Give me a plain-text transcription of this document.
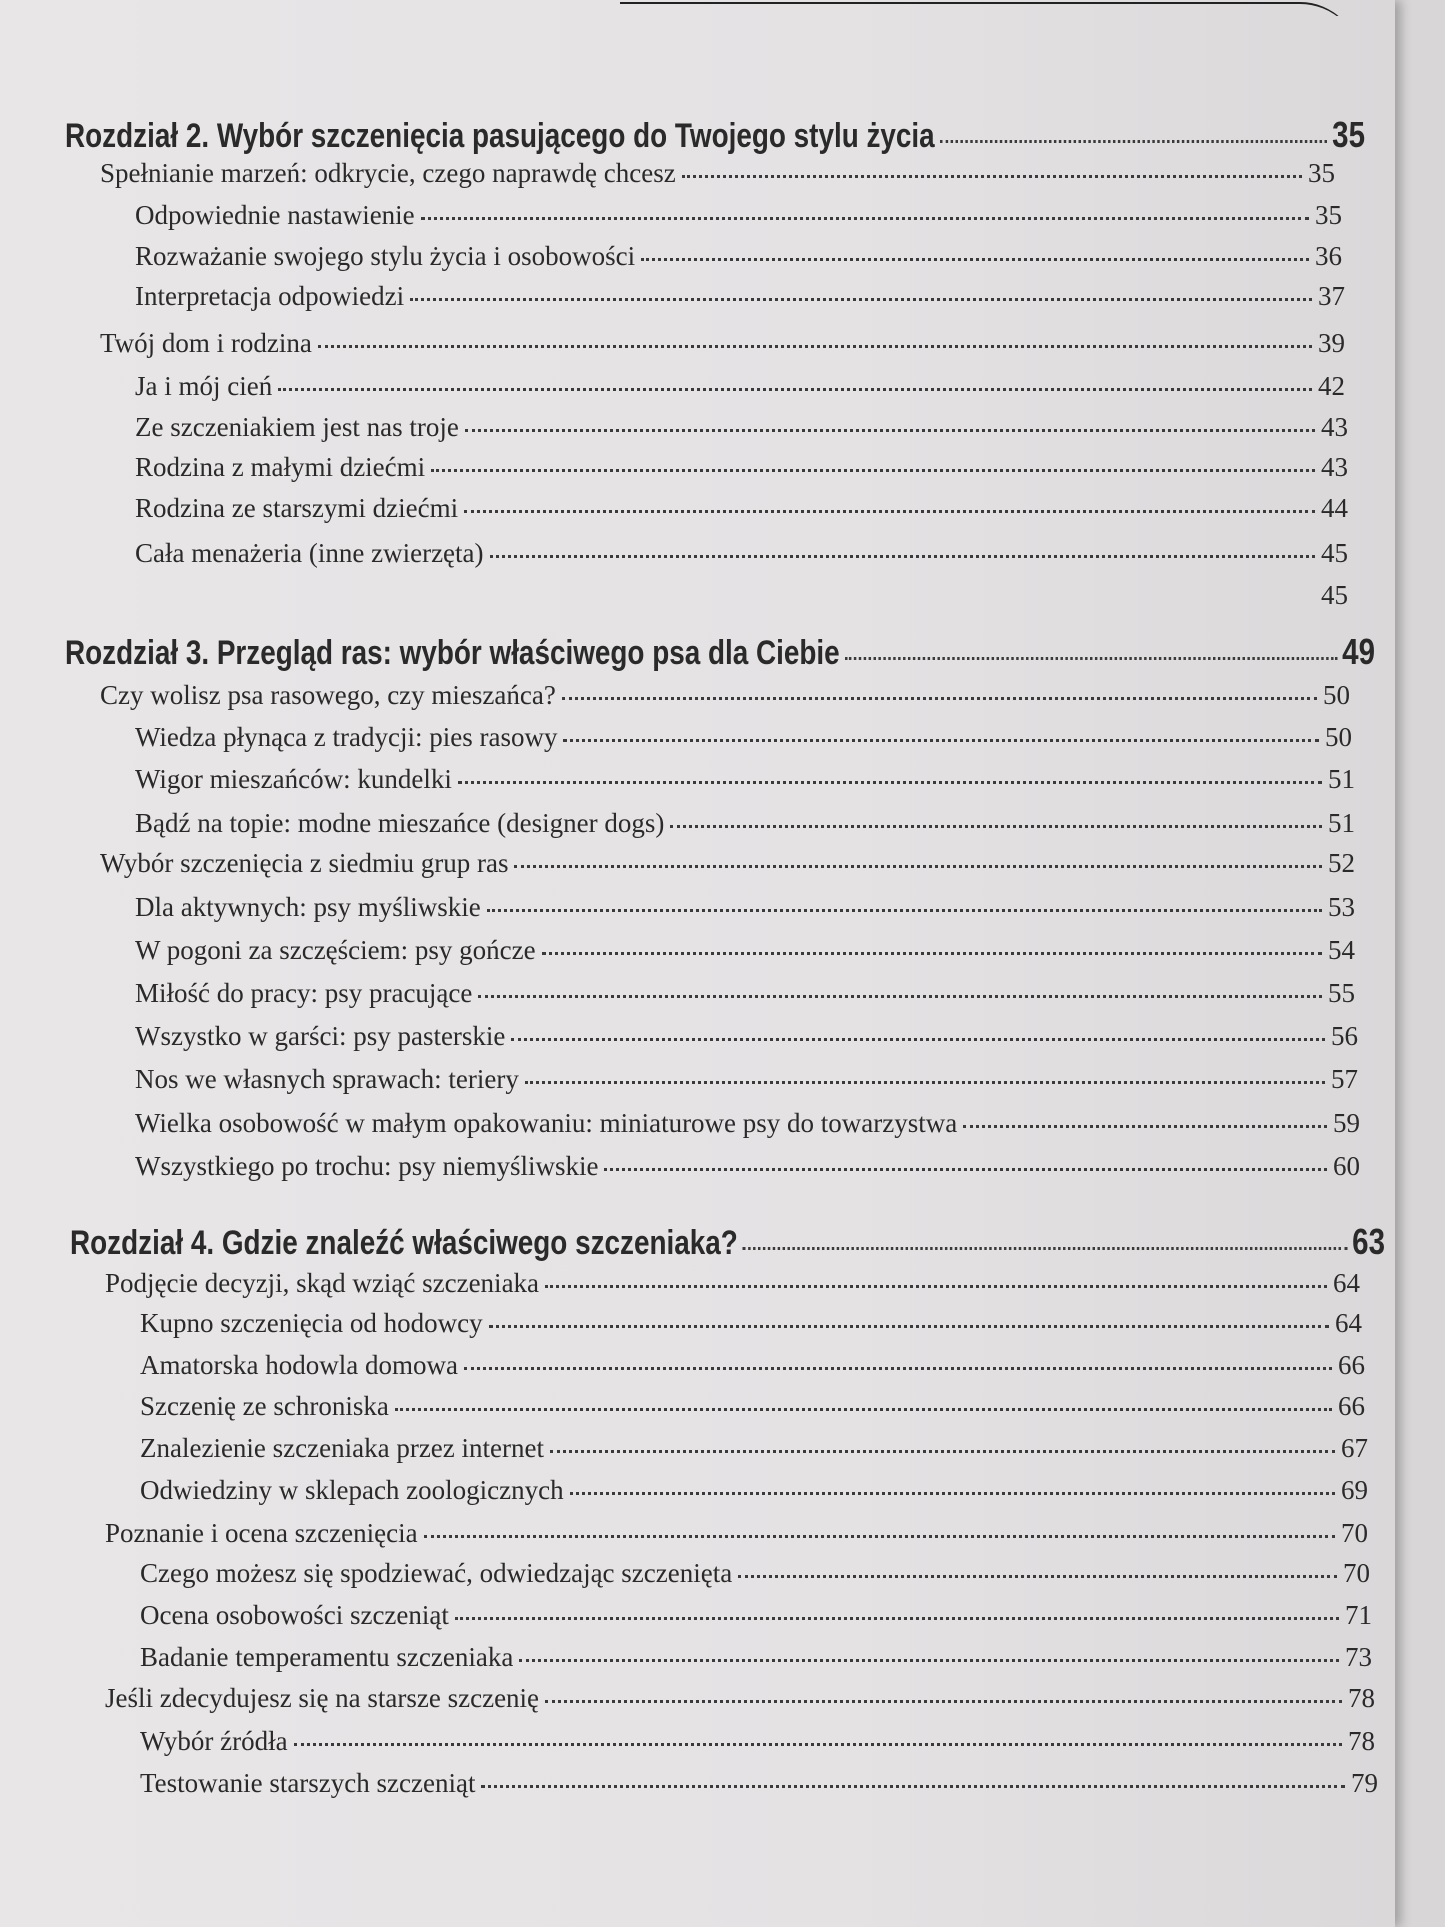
Rozdział 2. Wybór szczenięcia pasującego do Twojego stylu życia	35
Spełnianie marzeń: odkrycie, czego naprawdę chcesz	35
Odpowiednie nastawienie	35
Rozważanie swojego stylu życia i osobowości	36
Interpretacja odpowiedzi	37
Twój dom i rodzina	39
Ja i mój cień	42
Ze szczeniakiem jest nas troje	43
Rodzina z małymi dziećmi	43
Rodzina ze starszymi dziećmi	44
Cała menażeria (inne zwierzęta)	45
45
Rozdział 3. Przegląd ras: wybór właściwego psa dla Ciebie	49
Czy wolisz psa rasowego, czy mieszańca?	50
Wiedza płynąca z tradycji: pies rasowy	50
Wigor mieszańców: kundelki	51
Bądź na topie: modne mieszańce (designer dogs)	51
Wybór szczenięcia z siedmiu grup ras	52
Dla aktywnych: psy myśliwskie	53
W pogoni za szczęściem: psy gończe	54
Miłość do pracy: psy pracujące	55
Wszystko w garści: psy pasterskie	56
Nos we własnych sprawach: teriery	57
Wielka osobowość w małym opakowaniu: miniaturowe psy do towarzystwa	59
Wszystkiego po trochu: psy niemyśliwskie	60
Rozdział 4. Gdzie znaleźć właściwego szczeniaka?	63
Podjęcie decyzji, skąd wziąć szczeniaka	64
Kupno szczenięcia od hodowcy	64
Amatorska hodowla domowa	66
Szczenię ze schroniska	66
Znalezienie szczeniaka przez internet	67
Odwiedziny w sklepach zoologicznych	69
Poznanie i ocena szczenięcia	70
Czego możesz się spodziewać, odwiedzając szczenięta	70
Ocena osobowości szczeniąt	71
Badanie temperamentu szczeniaka	73
Jeśli zdecydujesz się na starsze szczenię	78
Wybór źródła	78
Testowanie starszych szczeniąt	79
